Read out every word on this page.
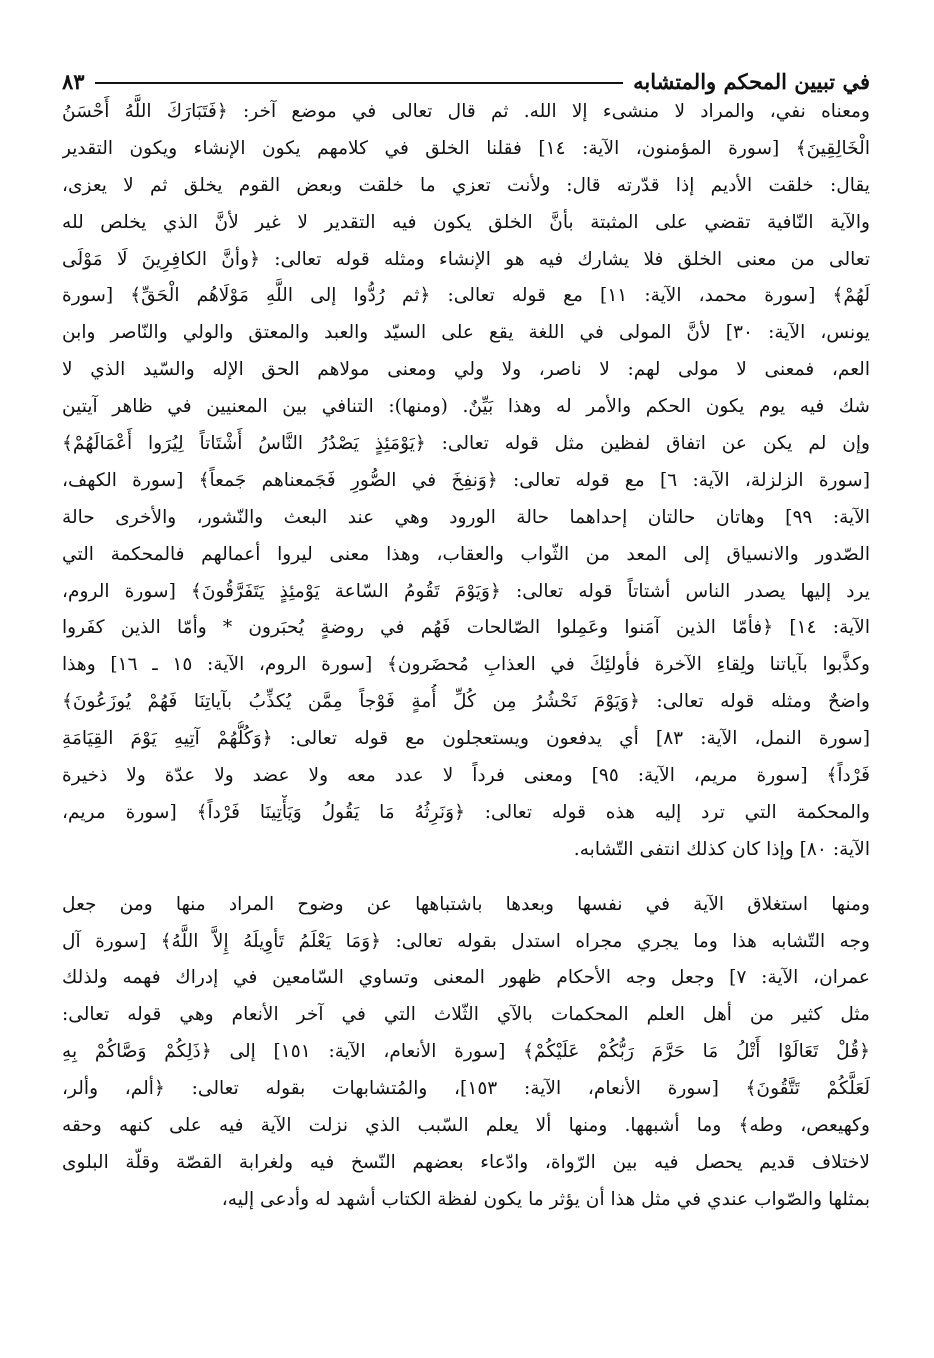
في تبيين المحكم والمتشابه
٨٣
ومعناه نفي، والمراد لا منشىء إلا الله. ثم قال تعالى في موضع آخر: ﴿فَتَبَارَكَ اللَّهُ أَحْسَنُ
الْخَالِقِينَ﴾ [سورة المؤمنون، الآية: ١٤] فقلنا الخلق في كلامهم يكون الإنشاء ويكون التقدير
يقال: خلقت الأديم إذا قدّرته قال: ولأنت تعزي ما خلقت وبعض القوم يخلق ثم لا يعزى،
والآية النّافية تقضي على المثبتة بأنَّ الخلق يكون فيه التقدير لا غير لأنَّ الذي يخلص لله
تعالى من معنى الخلق فلا يشارك فيه هو الإنشاء ومثله قوله تعالى: ﴿وأنَّ الكافِرِينَ لَا مَوْلَى
لَهُمْ﴾ [سورة محمد، الآية: ١١] مع قوله تعالى: ﴿ثم رُدُّوا إلى اللَّهِ مَوْلَاهُم الْحَقِّ﴾ [سورة
يونس، الآية: ٣٠] لأنَّ المولى في اللغة يقع على السيّد والعبد والمعتق والولي والنّاصر وابن
العم، فمعنى لا مولى لهم: لا ناصر، ولا ولي ومعنى مولاهم الحق الإله والسّيد الذي لا
شك فيه يوم يكون الحكم والأمر له وهذا بَيِّنٌ. (ومنها): التنافي بين المعنيين في ظاهر آيتين
وإن لم يكن عن اتفاق لفظين مثل قوله تعالى: ﴿يَوْمَئِذٍ يَصْدُرُ النَّاسُ أَشْتَاتاً لِيُرَوا أَعْمَالَهُمْ﴾
[سورة الزلزلة، الآية: ٦] مع قوله تعالى: ﴿وَنفِخَ في الصُّورِ فَجَمعناهم جَمعاً﴾ [سورة الكهف،
الآية: ٩٩] وهاتان حالتان إحداهما حالة الورود وهي عند البعث والنّشور، والأخرى حالة
الصّدور والانسياق إلى المعد من الثّواب والعقاب، وهذا معنى ليروا أعمالهم فالمحكمة التي
يرد إليها يصدر الناس أشتاتاً قوله تعالى: ﴿وَيَوْمَ تَقُومُ السّاعة يَوْمئِذٍ يَتَفَرَّقُونَ﴾ [سورة الروم،
الآية: ١٤] ﴿فأمّا الذين آمَنوا وعَمِلوا الصّالحات فَهُم في روضةٍ يُحبَرون * وأمّا الذين كفَروا
وكذَّبوا بآياتنا ولِقاءِ الآخرة فأولئِكَ في العذابِ مُحضَرون﴾ [سورة الروم، الآية: ١٥ ـ ١٦] وهذا
واضحٌ ومثله قوله تعالى: ﴿وَيَوْمَ نَحْشُرُ مِن كُلِّ أُمةٍ فَوْجاً مِمَّن يُكذِّبُ بآياتِنَا فَهُمْ يُوزَعُونَ﴾
[سورة النمل، الآية: ٨٣] أي يدفعون ويستعجلون مع قوله تعالى: ﴿وَكُلُّهُمْ آتِيهِ يَوْمَ القِيَامَةِ
فَرْداً﴾ [سورة مريم، الآية: ٩٥] ومعنى فرداً لا عدد معه ولا عضد ولا عدّة ولا ذخيرة
والمحكمة التي ترد إليه هذه قوله تعالى: ﴿وَنَرِثُهُ مَا يَقُولُ وَيَأْتِينَا فَرْداً﴾ [سورة مريم،
الآية: ٨٠] وإذا كان كذلك انتفى التّشابه.
ومنها استغلاق الآية في نفسها وبعدها باشتباهها عن وضوح المراد منها ومن جعل
وجه التّشابه هذا وما يجري مجراه استدل بقوله تعالى: ﴿وَمَا يَعْلَمُ تَأوِيلَهُ إِلاَّ اللَّهُ﴾ [سورة آل
عمران، الآية: ٧] وجعل وجه الأحكام ظهور المعنى وتساوي السّامعين في إدراك فهمه ولذلك
مثل كثير من أهل العلم المحكمات بالآي الثّلاث التي في آخر الأنعام وهي قوله تعالى:
﴿قُلْ تَعَالَوْا أَتْلُ مَا حَرَّمَ رَبُّكُمْ عَلَيْكُمْ﴾ [سورة الأنعام، الآية: ١٥١] إلى ﴿ذَلِكُمْ وَصَّاكُمْ بِهِ
لَعَلَّكُمْ تَتَّقُونَ﴾ [سورة الأنعام، الآية: ١٥٣]، والمُتشابهات بقوله تعالى: ﴿ألم، وألر،
وكهيعص، وطه﴾ وما أشبهها. ومنها ألا يعلم السّبب الذي نزلت الآية فيه على كنهه وحقه
لاختلاف قديم يحصل فيه بين الرّواة، وادّعاء بعضهم النّسخ فيه ولغرابة القصّة وقلّة البلوى
بمثلها والصّواب عندي في مثل هذا أن يؤثر ما يكون لفظة الكتاب أشهد له وأدعى إليه،
